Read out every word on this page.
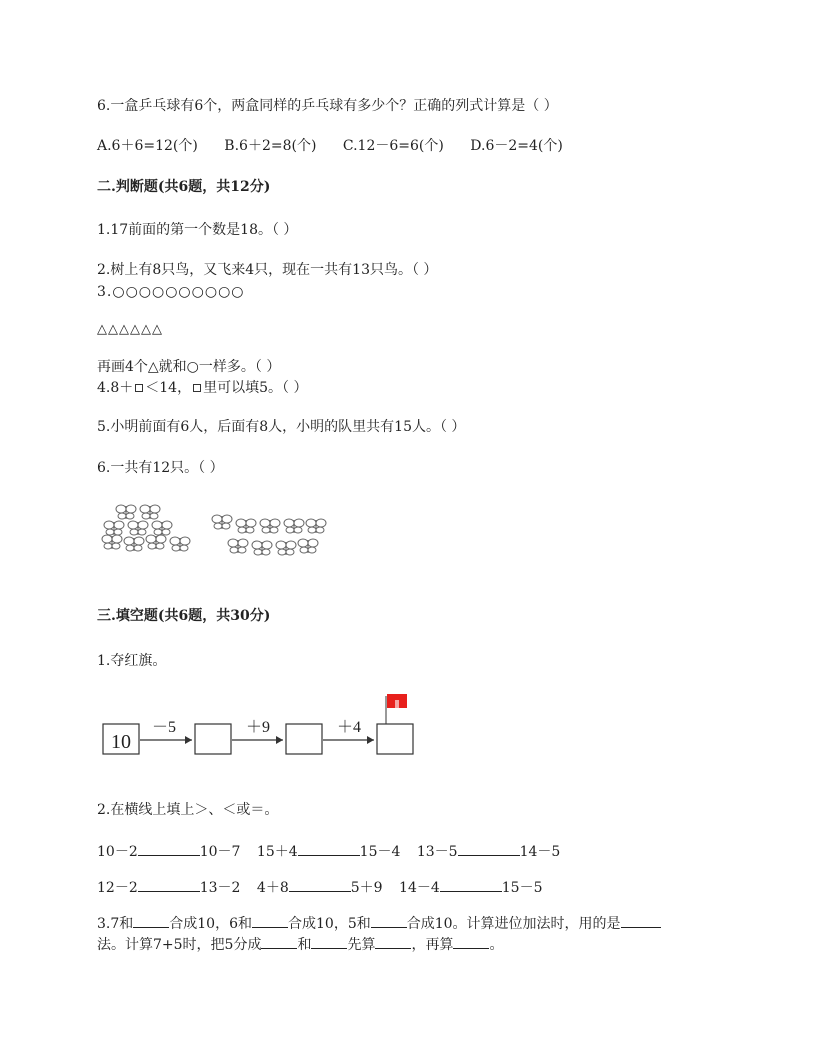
6.一盒乒乓球有6个，两盒同样的乒乓球有多少个？正确的列式计算是（ ）
A.6＋6=12(个) B.6＋2=8(个) C.12－6=6(个) D.6－2=4(个)
二.判断题(共6题，共12分)
1.17前面的第一个数是18。（ ）
2.树上有8只鸟，又飞来4只，现在一共有13只鸟。（ ）
3.○○○○○○○○○○
△△△△△△
再画4个△就和○一样多。（ ）
4.8＋ ＜14， 里可以填5。（ ）
5.小明前面有6人，后面有8人，小明的队里共有15人。（ ）
6.一共有12只。（ ）
三.填空题(共6题，共30分)
1.夺红旗。
10
－5	＋9	＋4
2.在横线上填上＞、＜或＝。
10－2	10－7 15＋4	15－4 13－5	14－5
12－2	13－2 4＋8	5＋9 14－4	15－5
3.7和	合成10，6和	合成10，5和	合成10。计算进位加法时，用的是
法。计算7+5时，把5分成	和	先算	，再算	。
